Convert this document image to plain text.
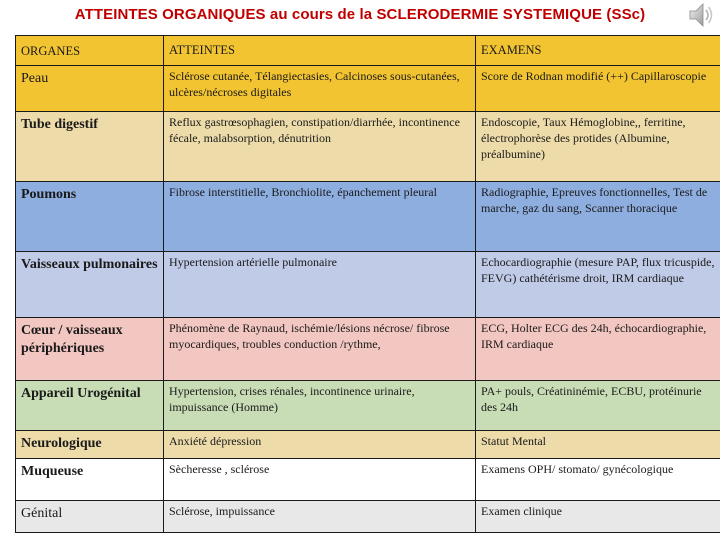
ATTEINTES ORGANIQUES au cours de la SCLERODERMIE SYSTEMIQUE (SSc)
ORGANES	ATTEINTES	EXAMENS
Peau	Sclérose cutanée, Télangiectasies, Calcinoses sous-cutanées, ulcères/nécroses digitales	Score de Rodnan modifié (++) Capillaroscopie
Tube digestif	Reflux gastrœsophagien, constipation/diarrhée, incontinence fécale, malabsorption, dénutrition	Endoscopie, Taux Hémoglobine,, ferritine, électrophorèse des protides (Albumine, préalbumine)
Poumons	Fibrose interstitielle, Bronchiolite, épanchement pleural	Radiographie, Epreuves fonctionnelles, Test de marche, gaz du sang, Scanner thoracique
Vaisseaux pulmonaires	Hypertension artérielle pulmonaire	Echocardiographie (mesure PAP, flux tricuspide, FEVG) cathétérisme droit, IRM cardiaque
Cœur / vaisseaux périphériques	Phénomène de Raynaud, ischémie/lésions nécrose/ fibrose myocardiques, troubles conduction /rythme,	ECG, Holter ECG des 24h, échocardiographie, IRM cardiaque
Appareil Urogénital	Hypertension, crises rénales, incontinence urinaire, impuissance (Homme)	PA+ pouls, Créatininémie, ECBU, protéinurie des 24h
Neurologique	Anxiété dépression	Statut Mental
Muqueuse	Sècheresse , sclérose	Examens OPH/ stomato/ gynécologique
Génital	Sclérose, impuissance	Examen clinique
